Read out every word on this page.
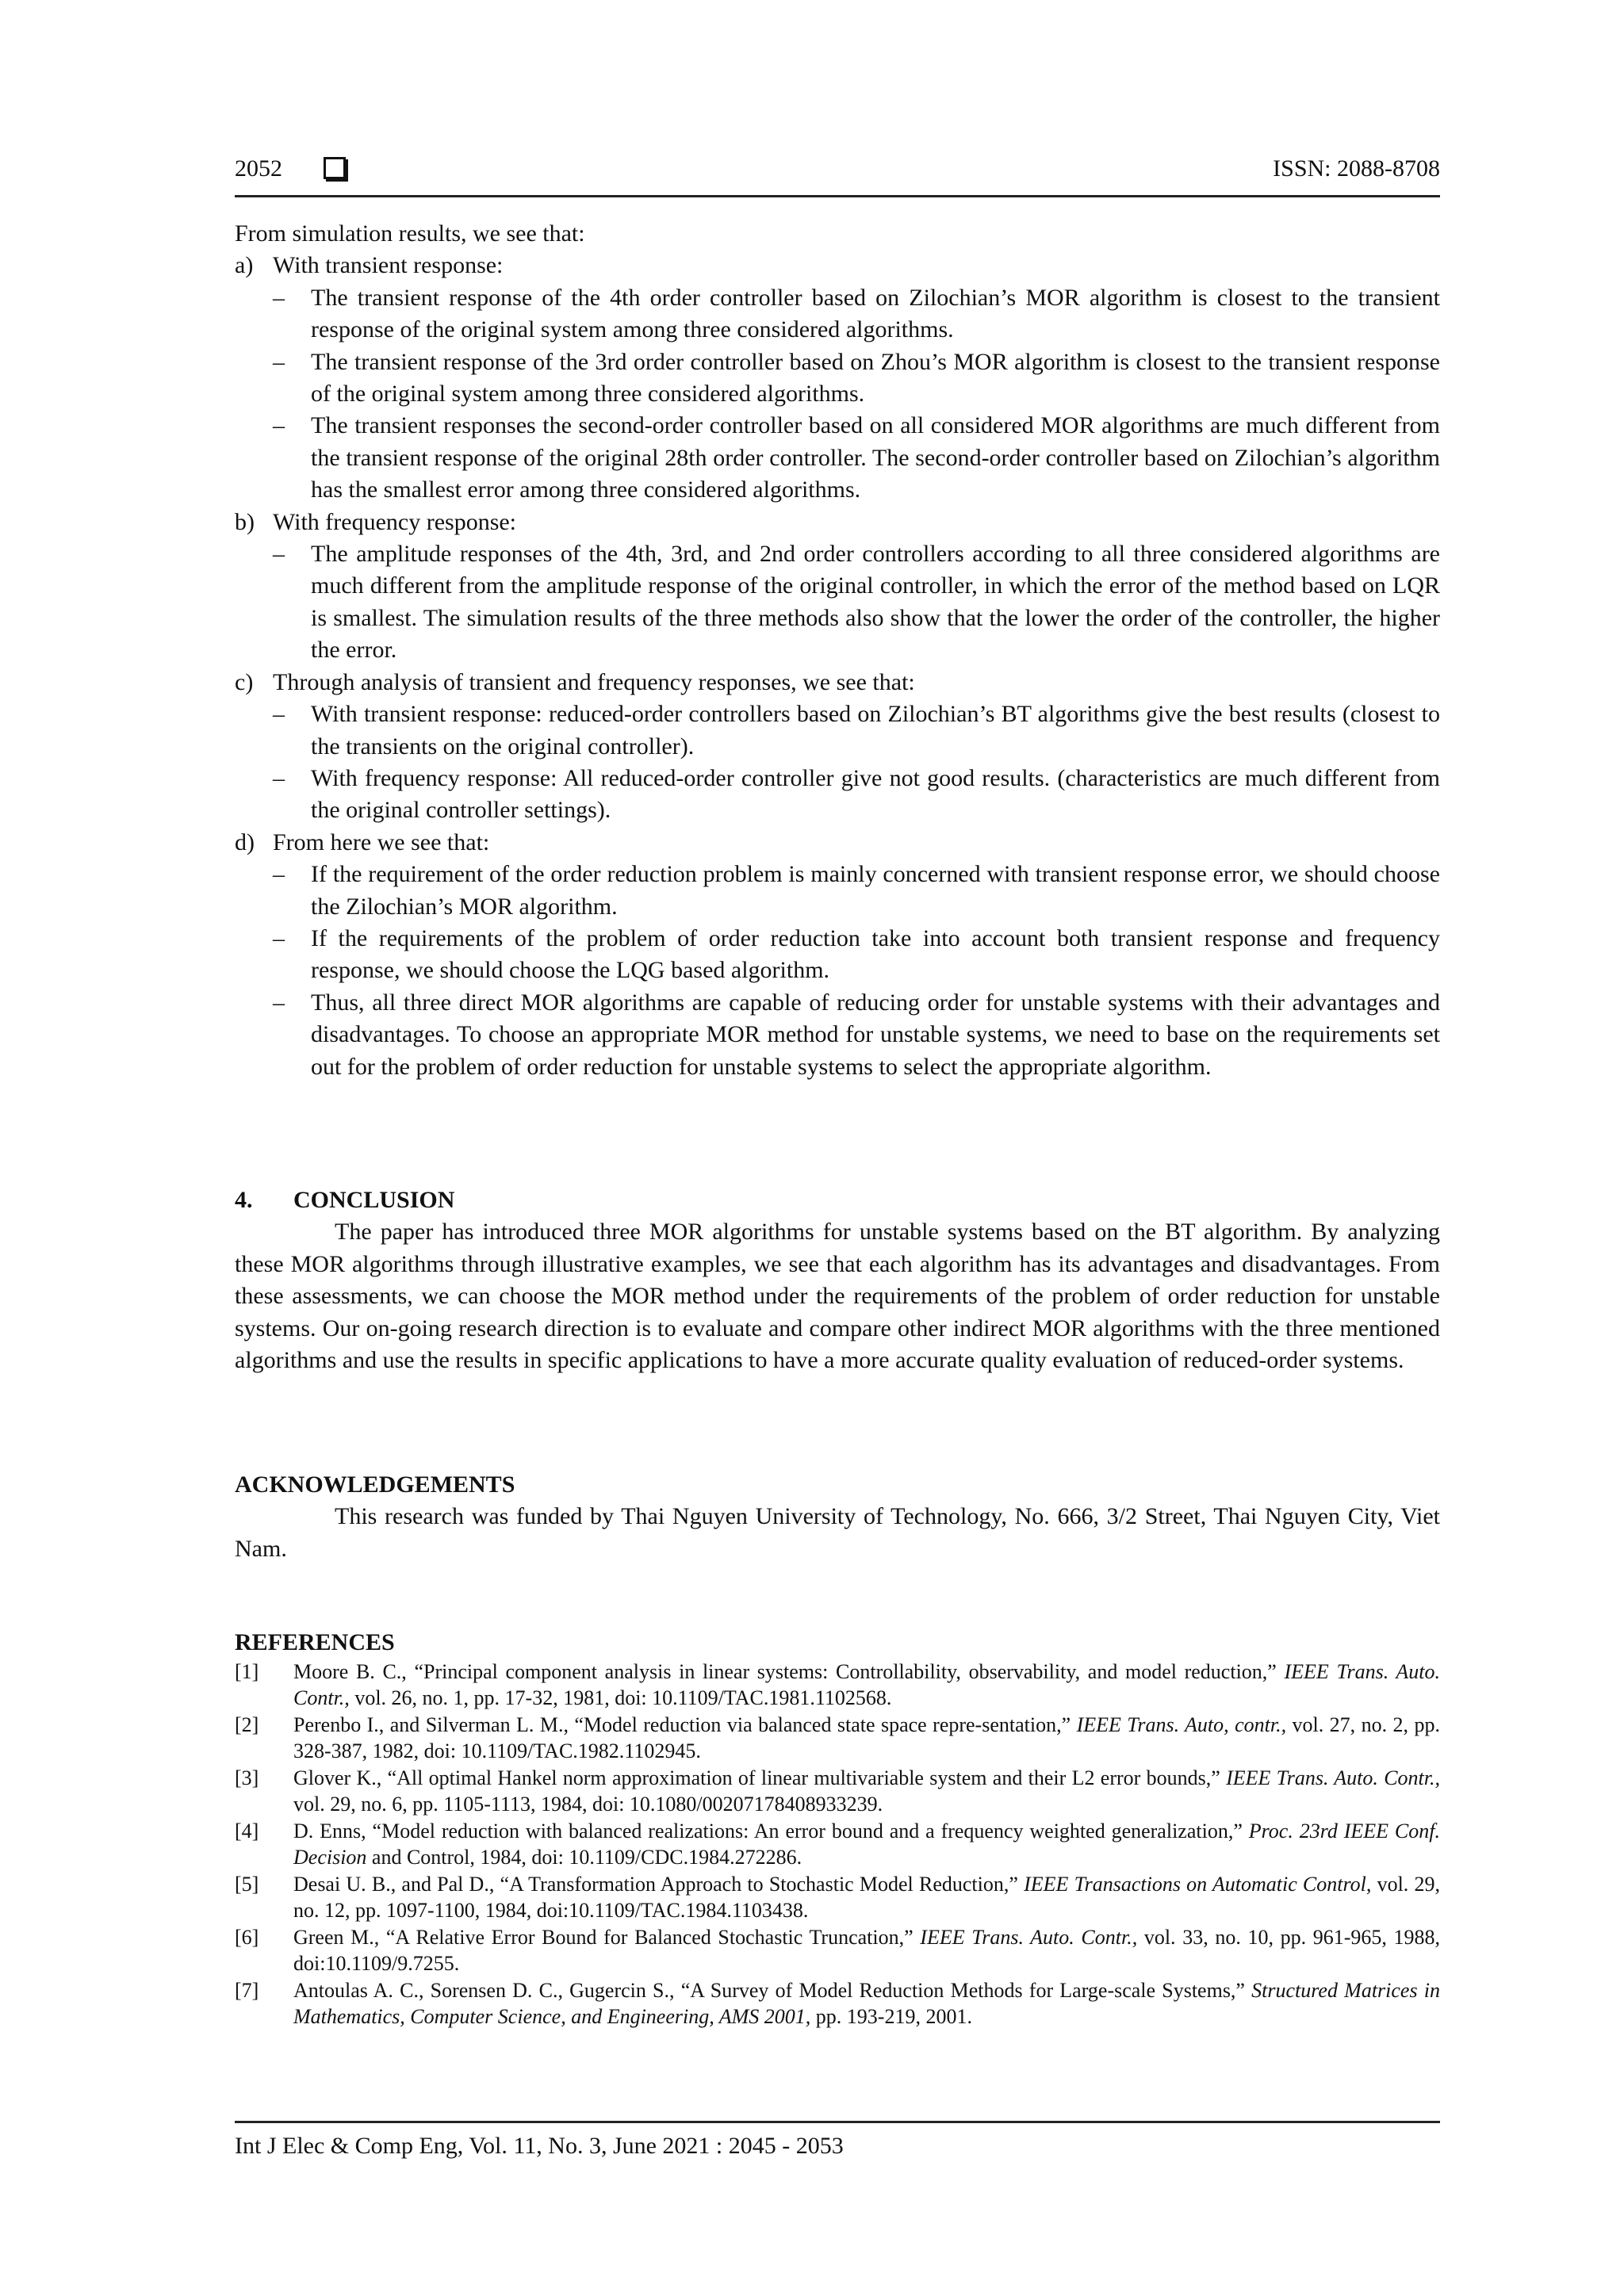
2052	ISSN: 2088-8708

From simulation results, we see that:

a) With transient response:
– The transient response of the 4th order controller based on Zilochian’s MOR algorithm is closest to the transient response of the original system among three considered algorithms.
– The transient response of the 3rd order controller based on Zhou’s MOR algorithm is closest to the transient response of the original system among three considered algorithms.
– The transient responses the second-order controller based on all considered MOR algorithms are much different from the transient response of the original 28th order controller. The second-order controller based on Zilochian’s algorithm has the smallest error among three considered algorithms.
b) With frequency response:
– The amplitude responses of the 4th, 3rd, and 2nd order controllers according to all three considered algorithms are much different from the amplitude response of the original controller, in which the error of the method based on LQR is smallest. The simulation results of the three methods also show that the lower the order of the controller, the higher the error.
c) Through analysis of transient and frequency responses, we see that:
– With transient response: reduced-order controllers based on Zilochian’s BT algorithms give the best results (closest to the transients on the original controller).
– With frequency response: All reduced-order controller give not good results. (characteristics are much different from the original controller settings).
d) From here we see that:
– If the requirement of the order reduction problem is mainly concerned with transient response error, we should choose the Zilochian’s MOR algorithm.
– If the requirements of the problem of order reduction take into account both transient response and frequency response, we should choose the LQG based algorithm.
– Thus, all three direct MOR algorithms are capable of reducing order for unstable systems with their advantages and disadvantages. To choose an appropriate MOR method for unstable systems, we need to base on the requirements set out for the problem of order reduction for unstable systems to select the appropriate algorithm.
4. CONCLUSION

The paper has introduced three MOR algorithms for unstable systems based on the BT algorithm. By analyzing these MOR algorithms through illustrative examples, we see that each algorithm has its advantages and disadvantages. From these assessments, we can choose the MOR method under the requirements of the problem of order reduction for unstable systems. Our on-going research direction is to evaluate and compare other indirect MOR algorithms with the three mentioned algorithms and use the results in specific applications to have a more accurate quality evaluation of reduced-order systems.

ACKNOWLEDGEMENTS

This research was funded by Thai Nguyen University of Technology, No. 666, 3/2 Street, Thai Nguyen City, Viet Nam.

REFERENCES
[1] Moore B. C., “Principal component analysis in linear systems: Controllability, observability, and model reduction,” IEEE Trans. Auto. Contr., vol. 26, no. 1, pp. 17-32, 1981, doi: 10.1109/TAC.1981.1102568.
[2] Perenbo I., and Silverman L. M., “Model reduction via balanced state space repre-sentation,” IEEE Trans. Auto, contr., vol. 27, no. 2, pp. 328-387, 1982, doi: 10.1109/TAC.1982.1102945.
[3] Glover K., “All optimal Hankel norm approximation of linear multivariable system and their L2 error bounds,” IEEE Trans. Auto. Contr., vol. 29, no. 6, pp. 1105-1113, 1984, doi: 10.1080/00207178408933239.
[4] D. Enns, “Model reduction with balanced realizations: An error bound and a frequency weighted generalization,” Proc. 23rd IEEE Conf. Decision and Control, 1984, doi: 10.1109/CDC.1984.272286.
[5] Desai U. B., and Pal D., “A Transformation Approach to Stochastic Model Reduction,” IEEE Transactions on Automatic Control, vol. 29, no. 12, pp. 1097-1100, 1984, doi:10.1109/TAC.1984.1103438.
[6] Green M., “A Relative Error Bound for Balanced Stochastic Truncation,” IEEE Trans. Auto. Contr., vol. 33, no. 10, pp. 961-965, 1988, doi:10.1109/9.7255.
[7] Antoulas A. C., Sorensen D. C., Gugercin S., “A Survey of Model Reduction Methods for Large-scale Systems,” Structured Matrices in Mathematics, Computer Science, and Engineering, AMS 2001, pp. 193-219, 2001.
Int J Elec & Comp Eng, Vol. 11, No. 3, June 2021 : 2045 - 2053
